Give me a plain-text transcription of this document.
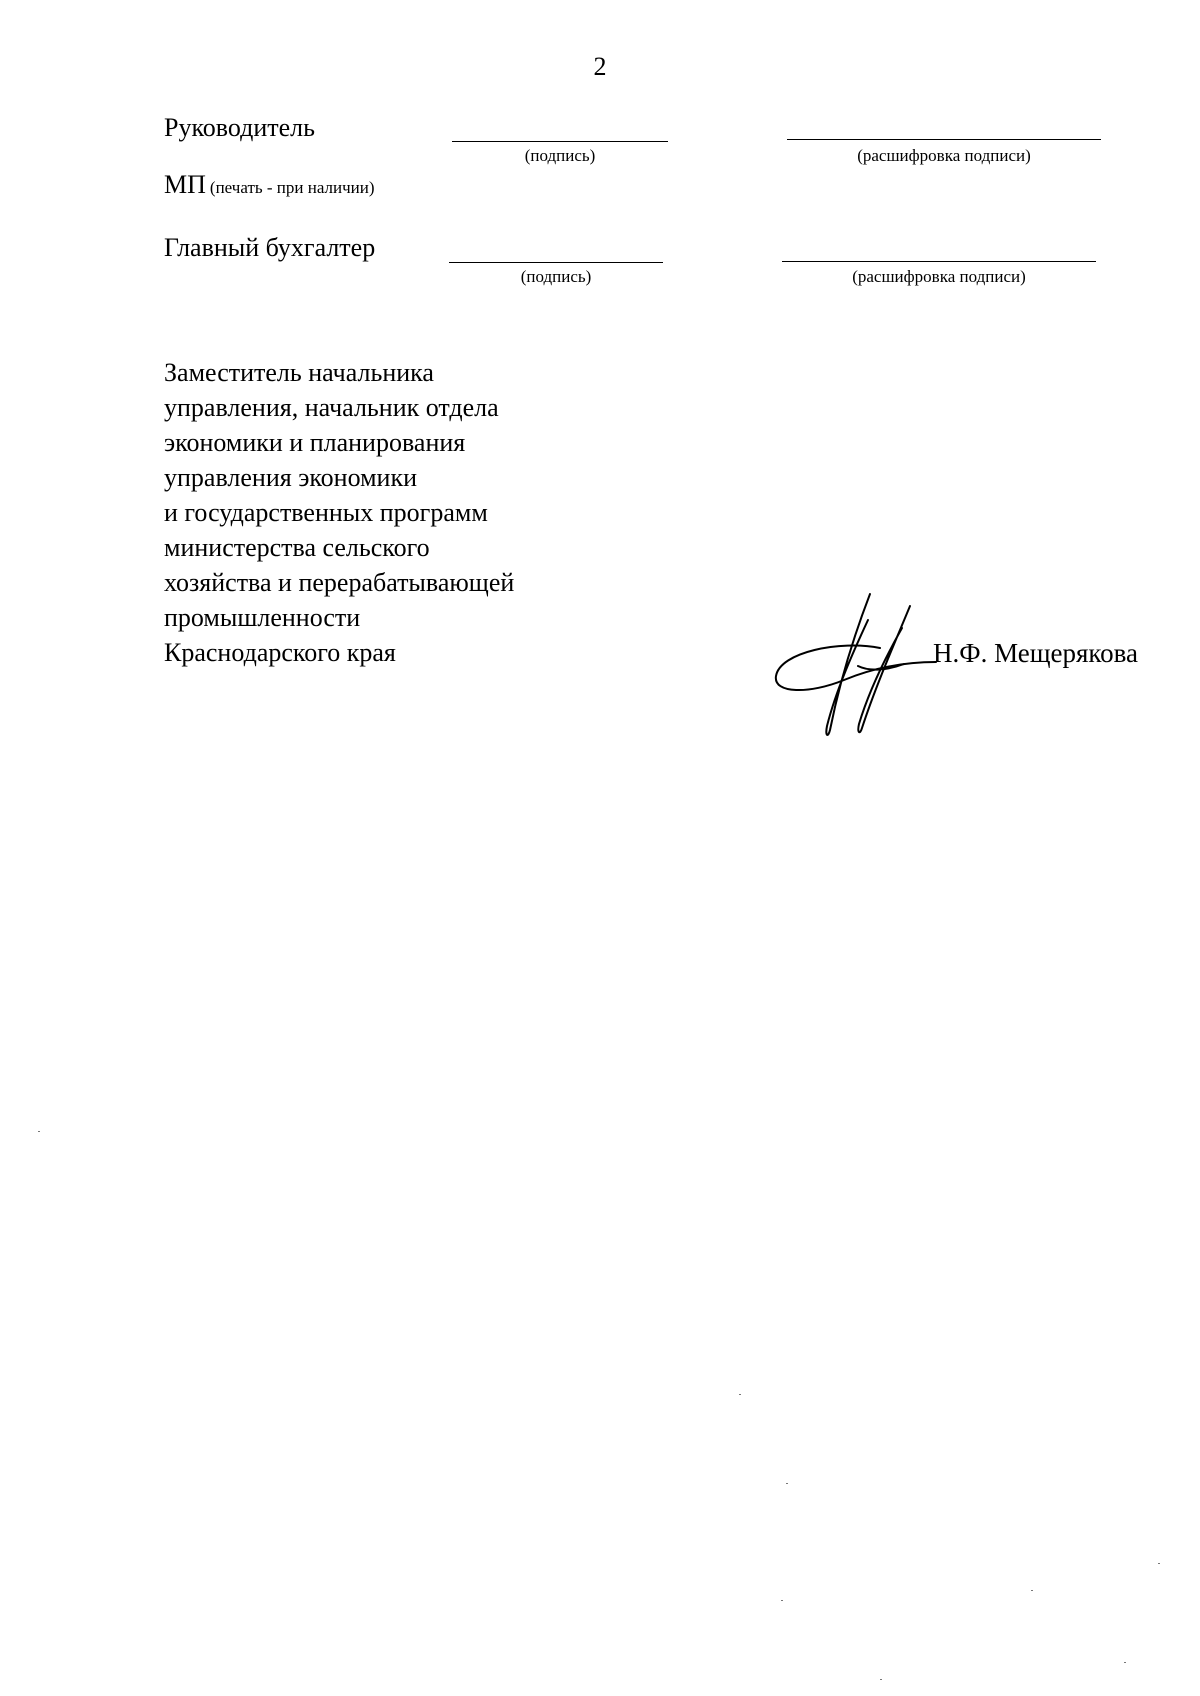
2
Руководитель
(подпись)	(расшифровка подписи)
МП (печать - при наличии)
Главный бухгалтер
(подпись)	(расшифровка подписи)
Заместитель начальника
управления, начальник отдела
экономики и планирования
управления экономики
и государственных программ
министерства сельского
хозяйства и перерабатывающей
промышленности
Краснодарского края	Н.Ф. Мещерякова
